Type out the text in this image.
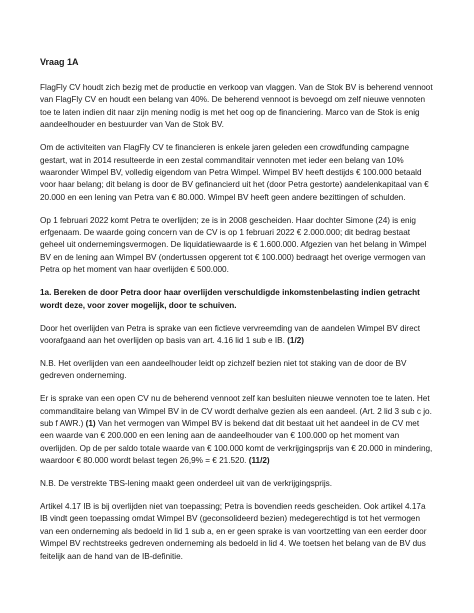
Vraag 1A

FlagFly CV houdt zich bezig met de productie en verkoop van vlaggen. Van de Stok BV is beherend vennoot van FlagFly CV en houdt een belang van 40%. De beherend vennoot is bevoegd om zelf nieuwe vennoten toe te laten indien dit naar zijn mening nodig is met het oog op de financiering. Marco van de Stok is enig aandeelhouder en bestuurder van Van de Stok BV.

Om de activiteiten van FlagFly CV te financieren is enkele jaren geleden een crowdfunding campagne gestart, wat in 2014 resulteerde in een zestal commanditair vennoten met ieder een belang van 10% waaronder Wimpel BV, volledig eigendom van Petra Wimpel. Wimpel BV heeft destijds € 100.000 betaald voor haar belang; dit belang is door de BV gefinancierd uit het (door Petra gestorte) aandelenkapitaal van € 20.000 en een lening van Petra van € 80.000. Wimpel BV heeft geen andere bezittingen of schulden.

Op 1 februari 2022 komt Petra te overlijden; ze is in 2008 gescheiden. Haar dochter Simone (24) is enig erfgenaam. De waarde going concern van de CV is op 1 februari 2022 € 2.000.000; dit bedrag bestaat geheel uit ondernemingsvermogen. De liquidatiewaarde is € 1.600.000. Afgezien van het belang in Wimpel BV en de lening aan Wimpel BV (ondertussen opgerent tot € 100.000) bedraagt het overige vermogen van Petra op het moment van haar overlijden € 500.000.

1a. Bereken de door Petra door haar overlijden verschuldigde inkomstenbelasting indien getracht wordt deze, voor zover mogelijk, door te schuiven.

Door het overlijden van Petra is sprake van een fictieve vervreemding van de aandelen Wimpel BV direct voorafgaand aan het overlijden op basis van art. 4.16 lid 1 sub e IB. (1/2)

N.B. Het overlijden van een aandeelhouder leidt op zichzelf bezien niet tot staking van de door de BV gedreven onderneming.

Er is sprake van een open CV nu de beherend vennoot zelf kan besluiten nieuwe vennoten toe te laten. Het commanditaire belang van Wimpel BV in de CV wordt derhalve gezien als een aandeel. (Art. 2 lid 3 sub c jo. sub f AWR.) (1) Van het vermogen van Wimpel BV is bekend dat dit bestaat uit het aandeel in de CV met een waarde van € 200.000 en een lening aan de aandeelhouder van € 100.000 op het moment van overlijden. Op de per saldo totale waarde van € 100.000 komt de verkrijgingsprijs van € 20.000 in mindering, waardoor € 80.000 wordt belast tegen 26,9% = € 21.520. (11/2)

N.B. De verstrekte TBS-lening maakt geen onderdeel uit van de verkrijgingsprijs.

Artikel 4.17 IB is bij overlijden niet van toepassing; Petra is bovendien reeds gescheiden. Ook artikel 4.17a IB vindt geen toepassing omdat Wimpel BV (geconsolideerd bezien) medegerechtigd is tot het vermogen van een onderneming als bedoeld in lid 1 sub a, en er geen sprake is van voortzetting van een eerder door Wimpel BV rechtstreeks gedreven onderneming als bedoeld in lid 4. We toetsen het belang van de BV dus feitelijk aan de hand van de IB-definitie.
